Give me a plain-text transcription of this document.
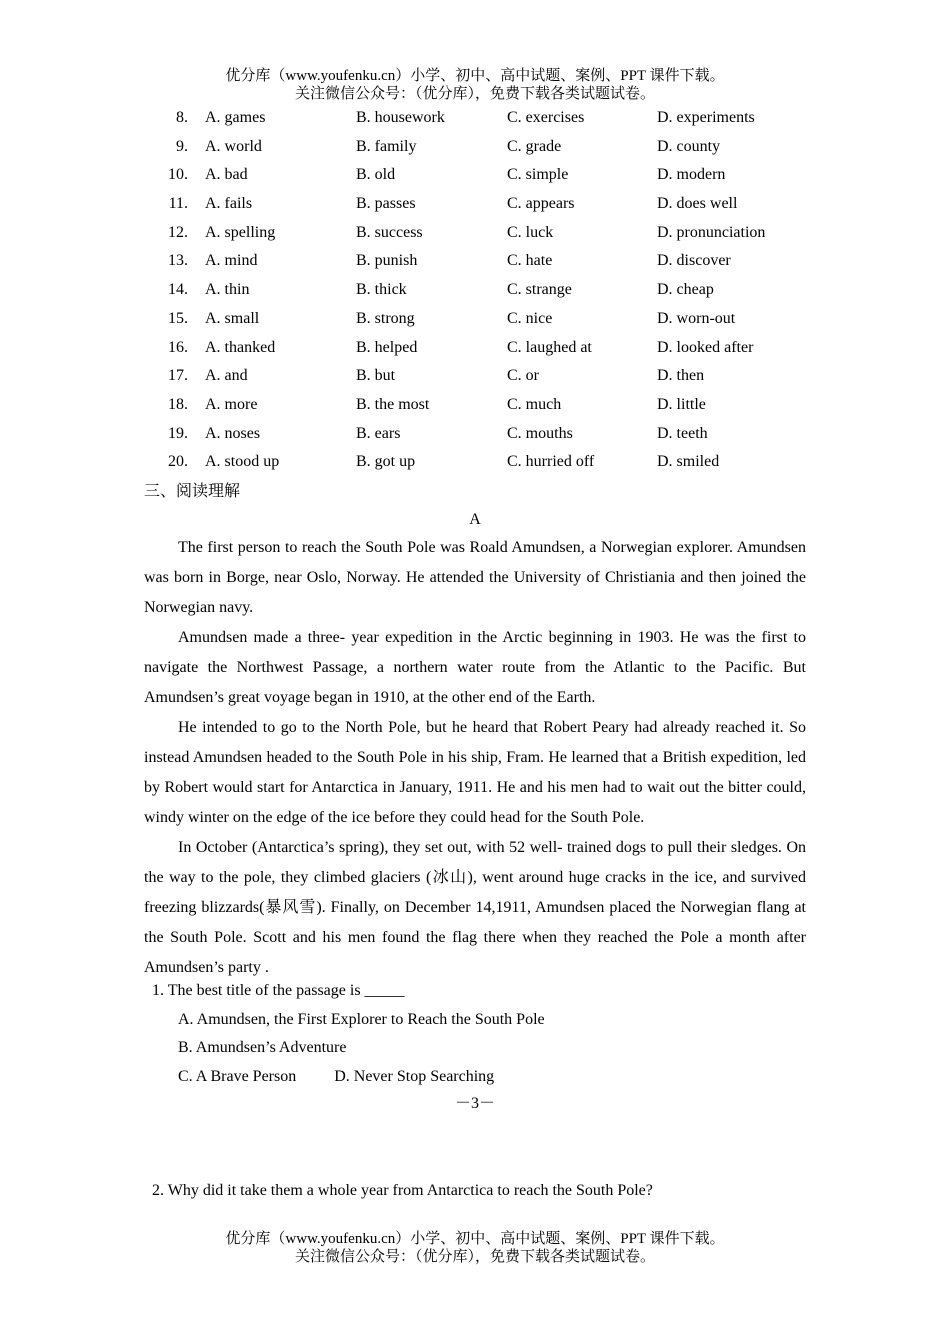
优分库（www.youfenku.cn）小学、初中、高中试题、案例、PPT 课件下载。
关注微信公众号：（优分库），免费下载各类试题试卷。
8. A. games	B. housework	C. exercises	D. experiments
9. A. world	B. family	C. grade	D. county
10. A. bad	B. old	C. simple	D. modern
11. A. fails	B. passes	C. appears	D. does well
12. A. spelling	B. success	C. luck	D. pronunciation
13. A. mind	B. punish	C. hate	D. discover
14. A. thin	B. thick	C. strange	D. cheap
15. A. small	B. strong	C. nice	D. worn-out
16. A. thanked	B. helped	C. laughed at	D. looked after
17. A. and	B. but	C. or	D. then
18. A. more	B. the most	C. much	D. little
19. A. noses	B. ears	C. mouths	D. teeth
20. A. stood up	B. got up	C. hurried off	D. smiled
三、阅读理解
A

The first person to reach the South Pole was Roald Amundsen, a Norwegian explorer. Amundsen was born in Borge, near Oslo, Norway. He attended the University of Christiania and then joined the Norwegian navy.

Amundsen made a three- year expedition in the Arctic beginning in 1903. He was the first to navigate the Northwest Passage, a northern water route from the Atlantic to the Pacific. But Amundsen’s great voyage began in 1910, at the other end of the Earth.

He intended to go to the North Pole, but he heard that Robert Peary had already reached it. So instead Amundsen headed to the South Pole in his ship, Fram. He learned that a British expedition, led by Robert would start for Antarctica in January, 1911. He and his men had to wait out the bitter could, windy winter on the edge of the ice before they could head for the South Pole.

In October (Antarctica’s spring), they set out, with 52 well- trained dogs to pull their sledges. On the way to the pole, they climbed glaciers (冰山), went around huge cracks in the ice, and survived freezing blizzards(暴风雪). Finally, on December 14,1911, Amundsen placed the Norwegian flang at the South Pole. Scott and his men found the flag there when they reached the Pole a month after Amundsen’s party .

1. The best title of the passage is _____

A. Amundsen, the First Explorer to Reach the South Pole

B. Amundsen’s Adventure

C. A Brave Person D. Never Stop Searching

－3－
2. Why did it take them a whole year from Antarctica to reach the South Pole?
优分库（www.youfenku.cn）小学、初中、高中试题、案例、PPT 课件下载。
关注微信公众号：（优分库），免费下载各类试题试卷。
